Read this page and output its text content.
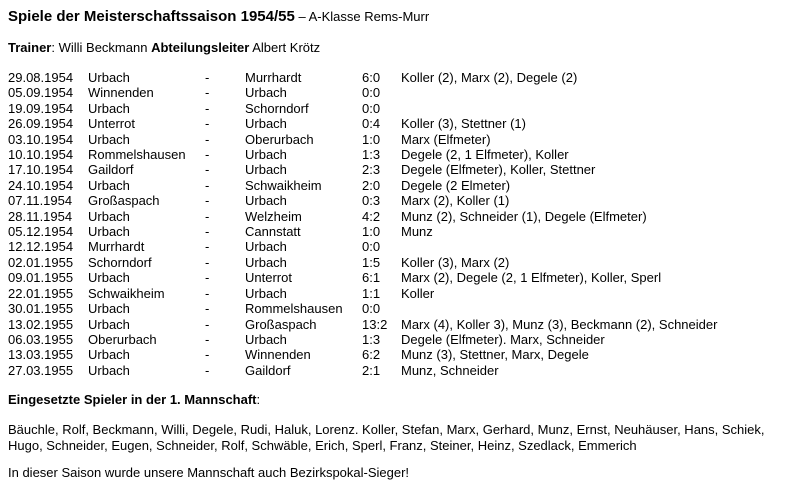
Spiele der Meisterschaftssaison 1954/55 – A-Klasse Rems-Murr
Trainer: Willi Beckmann Abteilungsleiter Albert Krötz
29.08.1954	Urbach	-	Murrhardt	6:0	Koller (2), Marx (2), Degele (2)
05.09.1954	Winnenden	-	Urbach	0:0	
19.09.1954	Urbach	-	Schorndorf	0:0	
26.09.1954	Unterrot	-	Urbach	0:4	Koller (3), Stettner (1)
03.10.1954	Urbach	-	Oberurbach	1:0	Marx (Elfmeter)
10.10.1954	Rommelshausen	-	Urbach	1:3	Degele (2, 1 Elfmeter), Koller
17.10.1954	Gaildorf	-	Urbach	2:3	Degele (Elfmeter), Koller, Stettner
24.10.1954	Urbach	-	Schwaikheim	2:0	Degele (2 Elmeter)
07.11.1954	Großaspach	-	Urbach	0:3	Marx (2), Koller (1)
28.11.1954	Urbach	-	Welzheim	4:2	Munz (2), Schneider (1), Degele (Elfmeter)
05.12.1954	Urbach	-	Cannstatt	1:0	Munz
12.12.1954	Murrhardt	-	Urbach	0:0	
02.01.1955	Schorndorf	-	Urbach	1:5	Koller (3), Marx (2)
09.01.1955	Urbach	-	Unterrot	6:1	Marx (2), Degele (2, 1 Elfmeter), Koller, Sperl
22.01.1955	Schwaikheim	-	Urbach	1:1	Koller
30.01.1955	Urbach	-	Rommelshausen	0:0	
13.02.1955	Urbach	-	Großaspach	13:2	Marx (4), Koller 3), Munz (3), Beckmann (2), Schneider
06.03.1955	Oberurbach	-	Urbach	1:3	Degele (Elfmeter). Marx, Schneider
13.03.1955	Urbach	-	Winnenden	6:2	Munz (3), Stettner, Marx, Degele
27.03.1955	Urbach	-	Gaildorf	2:1	Munz, Schneider
Eingesetzte Spieler in der 1. Mannschaft:
Bäuchle, Rolf, Beckmann, Willi, Degele, Rudi, Haluk, Lorenz. Koller, Stefan, Marx, Gerhard, Munz, Ernst, Neuhäuser, Hans, Schiek, Hugo, Schneider, Eugen, Schneider, Rolf, Schwäble, Erich, Sperl, Franz, Steiner, Heinz, Szedlack, Emmerich
In dieser Saison wurde unsere Mannschaft auch Bezirkspokal-Sieger!
